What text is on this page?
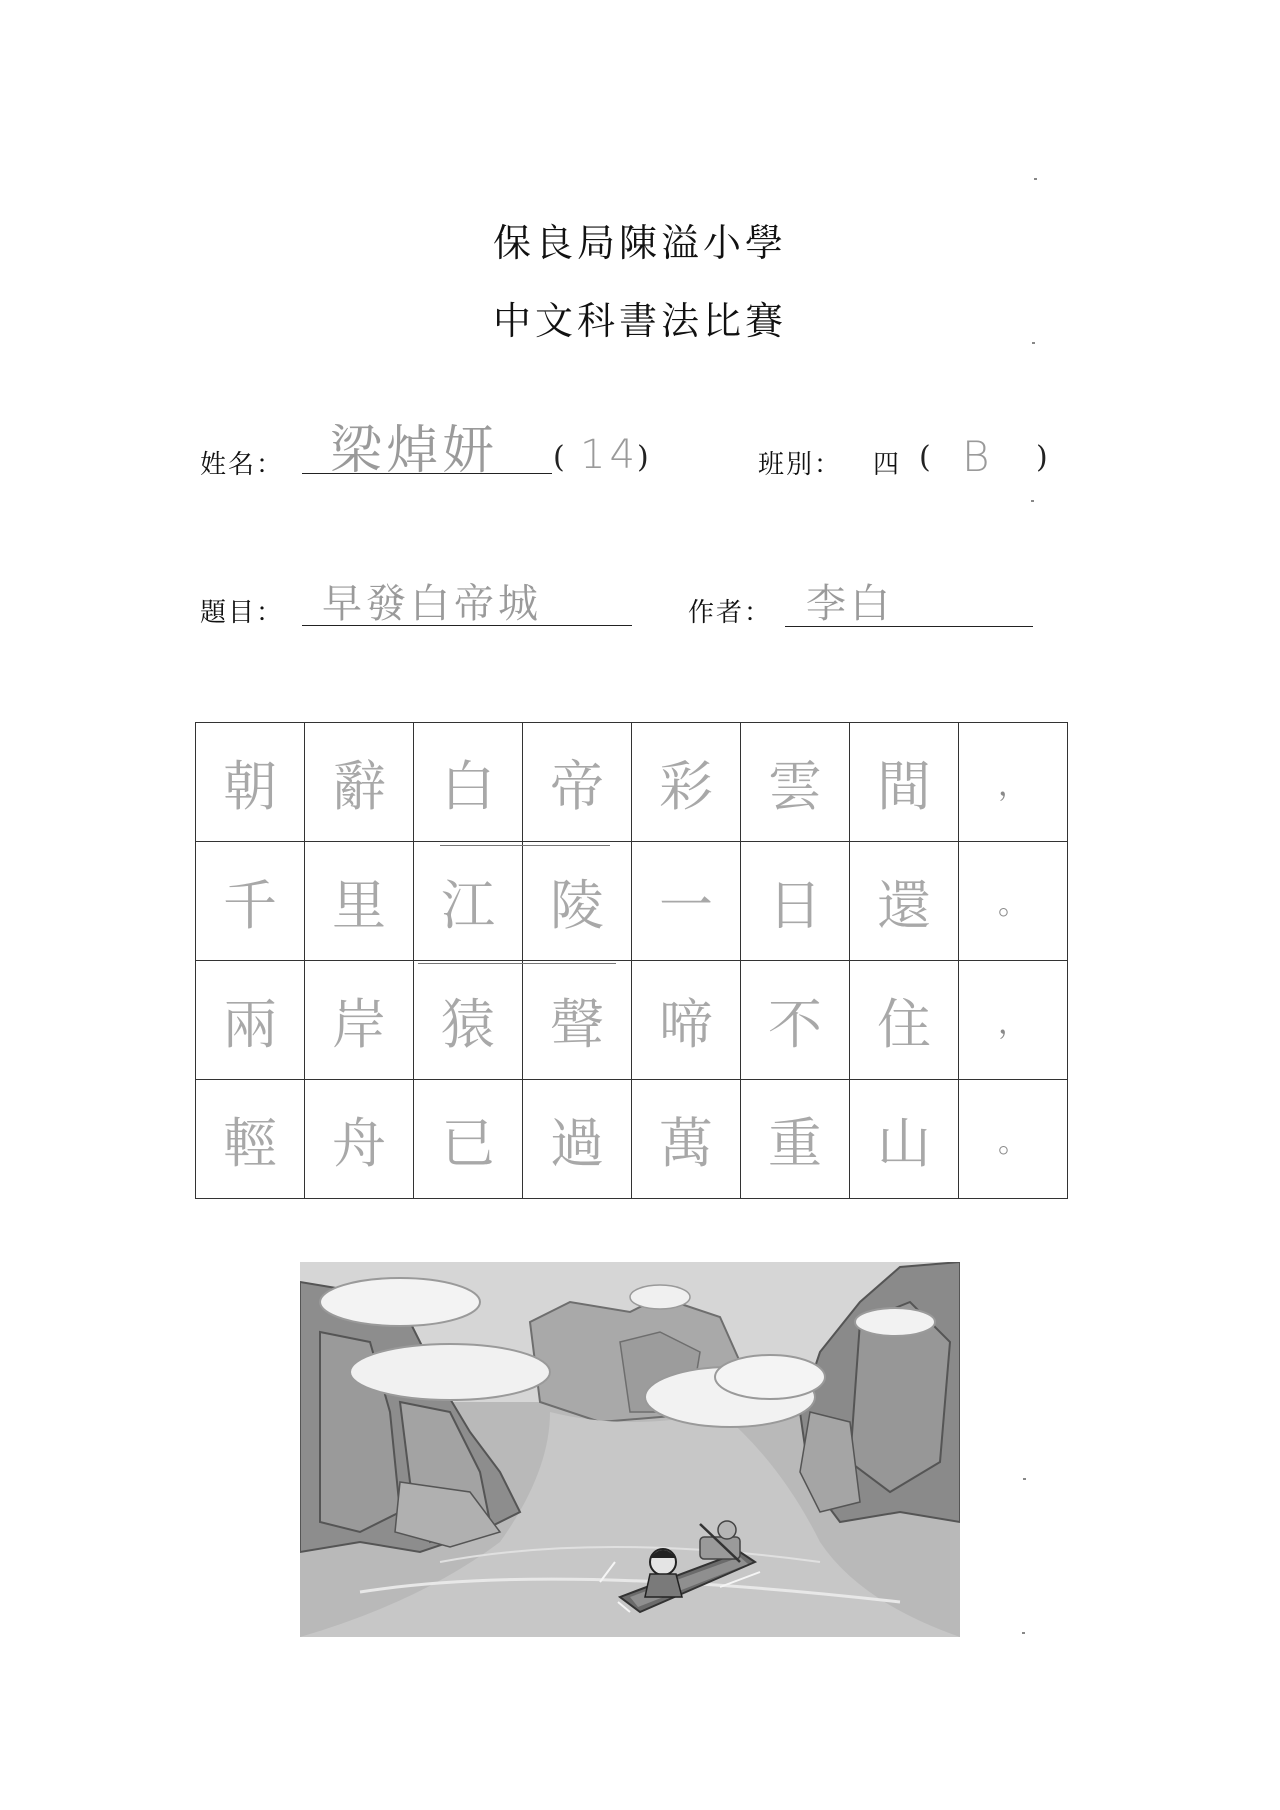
保良局陳溢小學
中文科書法比賽
姓名： 梁焯妍 ( 14
)	班別： 四 ( B )
題目： 早發白帝城	作者： 李白
朝	辭	白	帝	彩	雲	間	，
千	里	江	陵	一	日	還	。
兩	岸	猿	聲	啼	不	住	，
輕	舟	已	過	萬	重	山	。
